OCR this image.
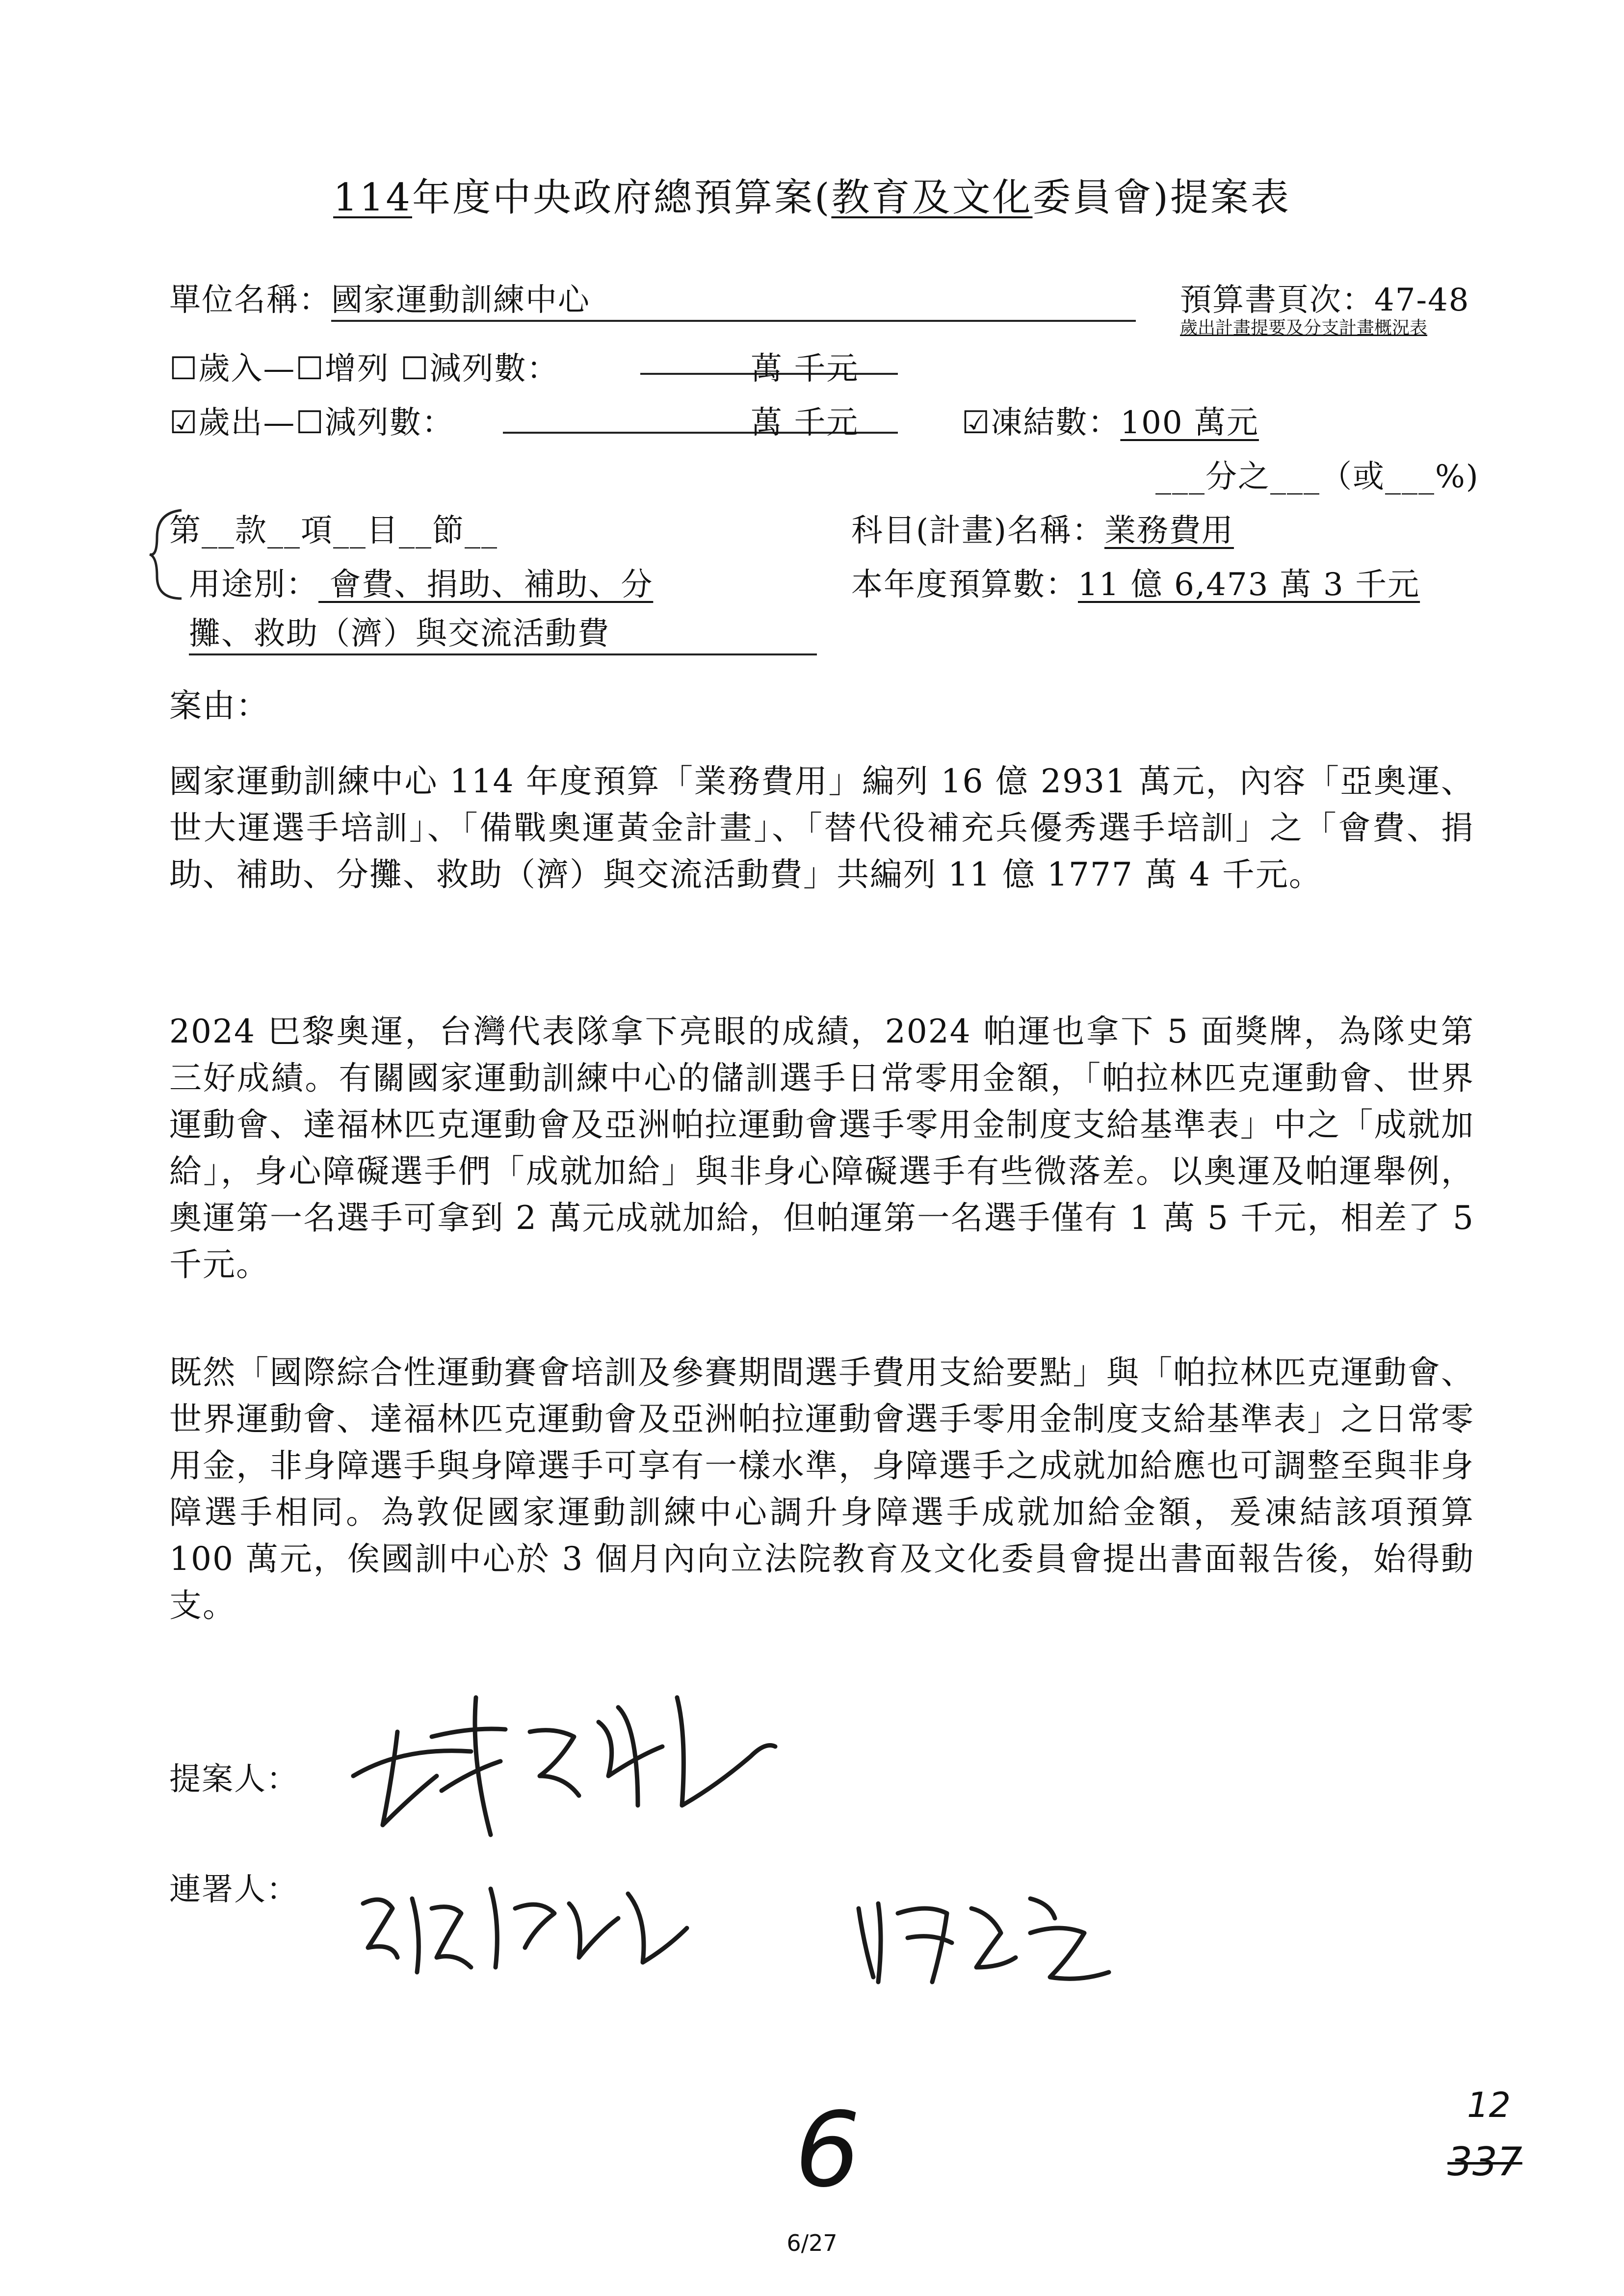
114年度中央政府總預算案(教育及文化委員會)提案表
單位名稱：國家運動訓練中心	預算書頁次：47-48
歲出計畫提要及分支計畫概況表
☐歲入—☐增列 ☐減列數：	萬 千元
☑歲出—☐減列數：	萬 千元	☑凍結數：100 萬元
___分之___（或___%)
第__款__項__目__節__	科目(計畫)名稱：業務費用
用途別： 會費、捐助、補助、分	本年度預算數：11 億 6,473 萬 3 千元
攤、救助（濟）與交流活動費
案由：
國家運動訓練中心 114 年度預算「業務費用」編列 16 億 2931 萬元，內容「亞奧運、世大運選手培訓」、「備戰奧運黃金計畫」、「替代役補充兵優秀選手培訓」之「會費、捐助、補助、分攤、救助（濟）與交流活動費」共編列 11 億 1777 萬 4 千元。
2024 巴黎奧運，台灣代表隊拿下亮眼的成績，2024 帕運也拿下 5 面獎牌，為隊史第三好成績。有關國家運動訓練中心的儲訓選手日常零用金額，「帕拉林匹克運動會、世界運動會、達福林匹克運動會及亞洲帕拉運動會選手零用金制度支給基準表」中之「成就加給」，身心障礙選手們「成就加給」與非身心障礙選手有些微落差。以奧運及帕運舉例，奧運第一名選手可拿到 2 萬元成就加給，但帕運第一名選手僅有 1 萬 5 千元，相差了 5 千元。
既然「國際綜合性運動賽會培訓及參賽期間選手費用支給要點」與「帕拉林匹克運動會、世界運動會、達福林匹克運動會及亞洲帕拉運動會選手零用金制度支給基準表」之日常零用金，非身障選手與身障選手可享有一樣水準，身障選手之成就加給應也可調整至與非身障選手相同。為敦促國家運動訓練中心調升身障選手成就加給金額，爰凍結該項預算 100 萬元，俟國訓中心於 3 個月內向立法院教育及文化委員會提出書面報告後，始得動支。
提案人：
連署人：
6	12
337
6/27
